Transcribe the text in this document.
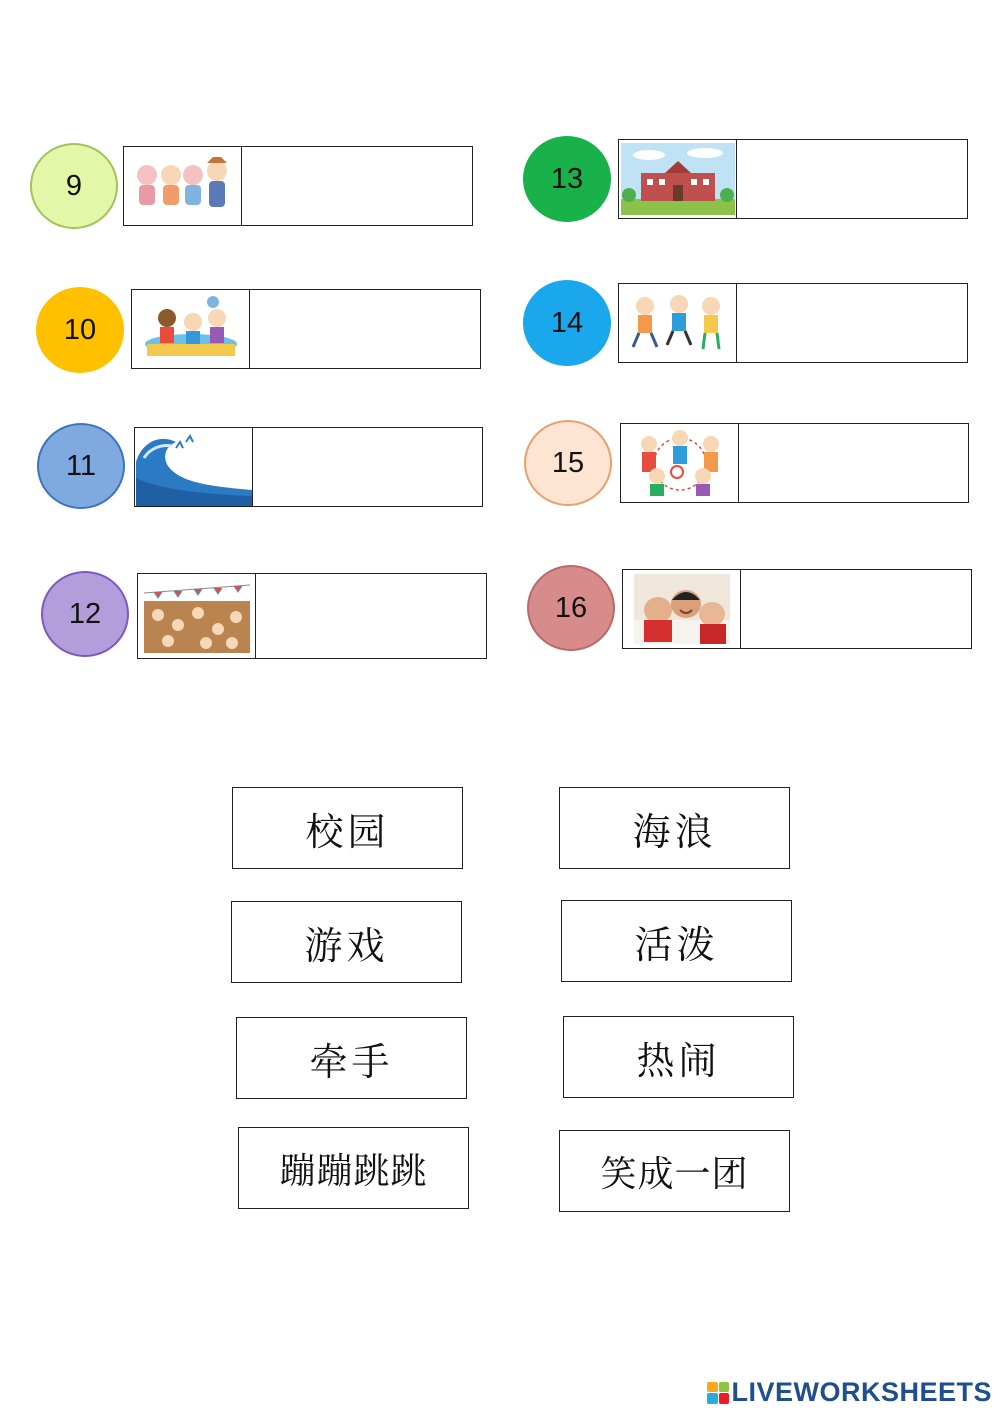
9
10
11
12
13
14
15
16
校园	海浪
游戏	活泼
牵手	热闹
蹦蹦跳跳	笑成一团
LIVEWORKSHEETS
